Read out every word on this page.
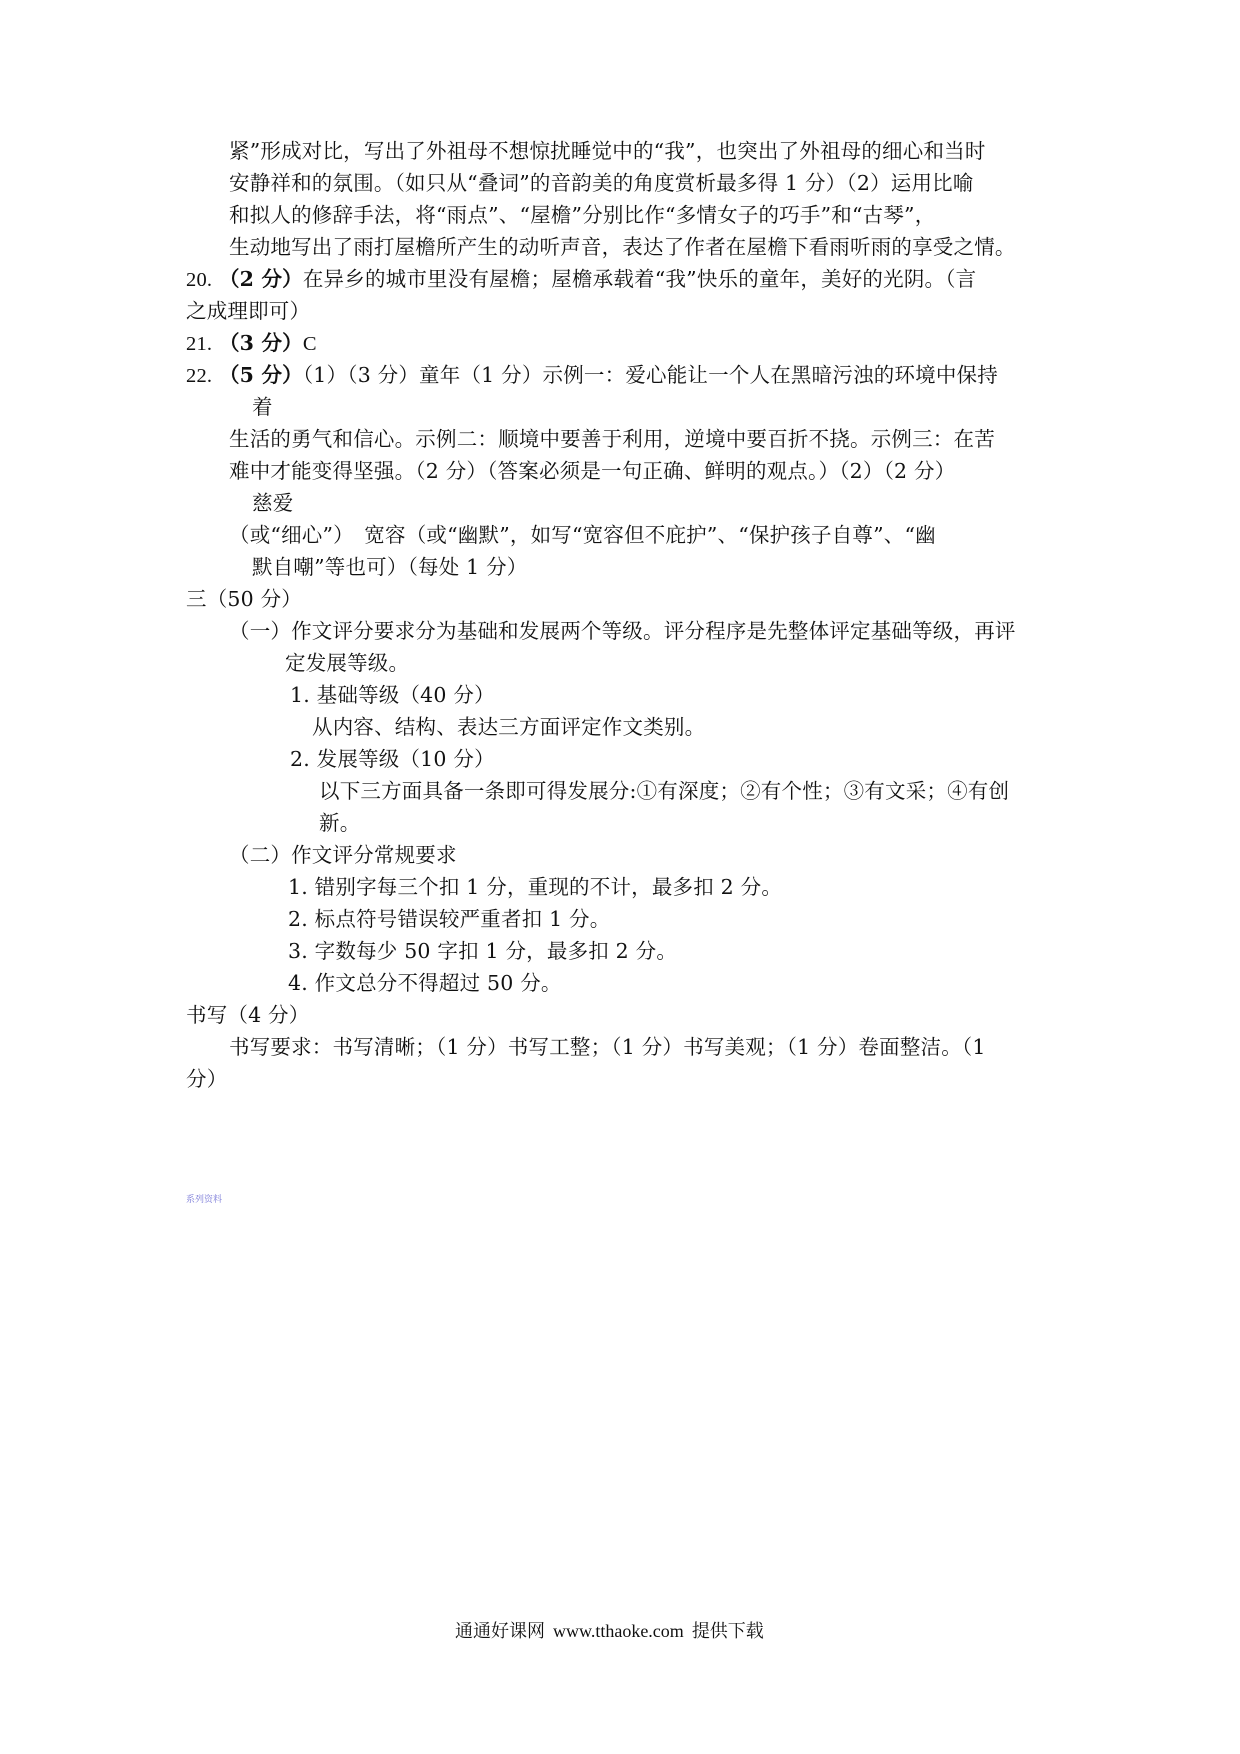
紧”形成对比，写出了外祖母不想惊扰睡觉中的“我”，也突出了外祖母的细心和当时
安静祥和的氛围。（如只从“叠词”的音韵美的角度赏析最多得 1 分）（2）运用比喻
和拟人的修辞手法，将“雨点”、“屋檐”分别比作“多情女子的巧手”和“古琴”，
生动地写出了雨打屋檐所产生的动听声音，表达了作者在屋檐下看雨听雨的享受之情。
20. （2 分）在异乡的城市里没有屋檐；屋檐承载着“我”快乐的童年，美好的光阴。（言
之成理即可）
21. （3 分）C
22. （5 分）（1）（3 分）童年（1 分）示例一：爱心能让一个人在黑暗污浊的环境中保持
着
生活的勇气和信心。示例二：顺境中要善于利用，逆境中要百折不挠。示例三：在苦
难中才能变得坚强。（2 分）（答案必须是一句正确、鲜明的观点。）（2）（2 分）
慈爱
（或“细心”）　宽容（或“幽默”，如写“宽容但不庇护”、“保护孩子自尊”、“幽
默自嘲”等也可）（每处 1 分）
三（50 分）
（一）作文评分要求分为基础和发展两个等级。评分程序是先整体评定基础等级，再评
定发展等级。
1. 基础等级（40 分）
从内容、结构、表达三方面评定作文类别。
2. 发展等级（10 分）
以下三方面具备一条即可得发展分:①有深度；②有个性；③有文采；④有创
新。
（二）作文评分常规要求
1. 错别字每三个扣 1 分，重现的不计，最多扣 2 分。
2. 标点符号错误较严重者扣 1 分。
3. 字数每少 50 字扣 1 分，最多扣 2 分。
4. 作文总分不得超过 50 分。
书写（4 分）
书写要求：书写清晰；（1 分）书写工整；（1 分）书写美观；（1 分）卷面整洁。（1
分）
系列资料
通通好课网 www.tthaoke.com 提供下载
